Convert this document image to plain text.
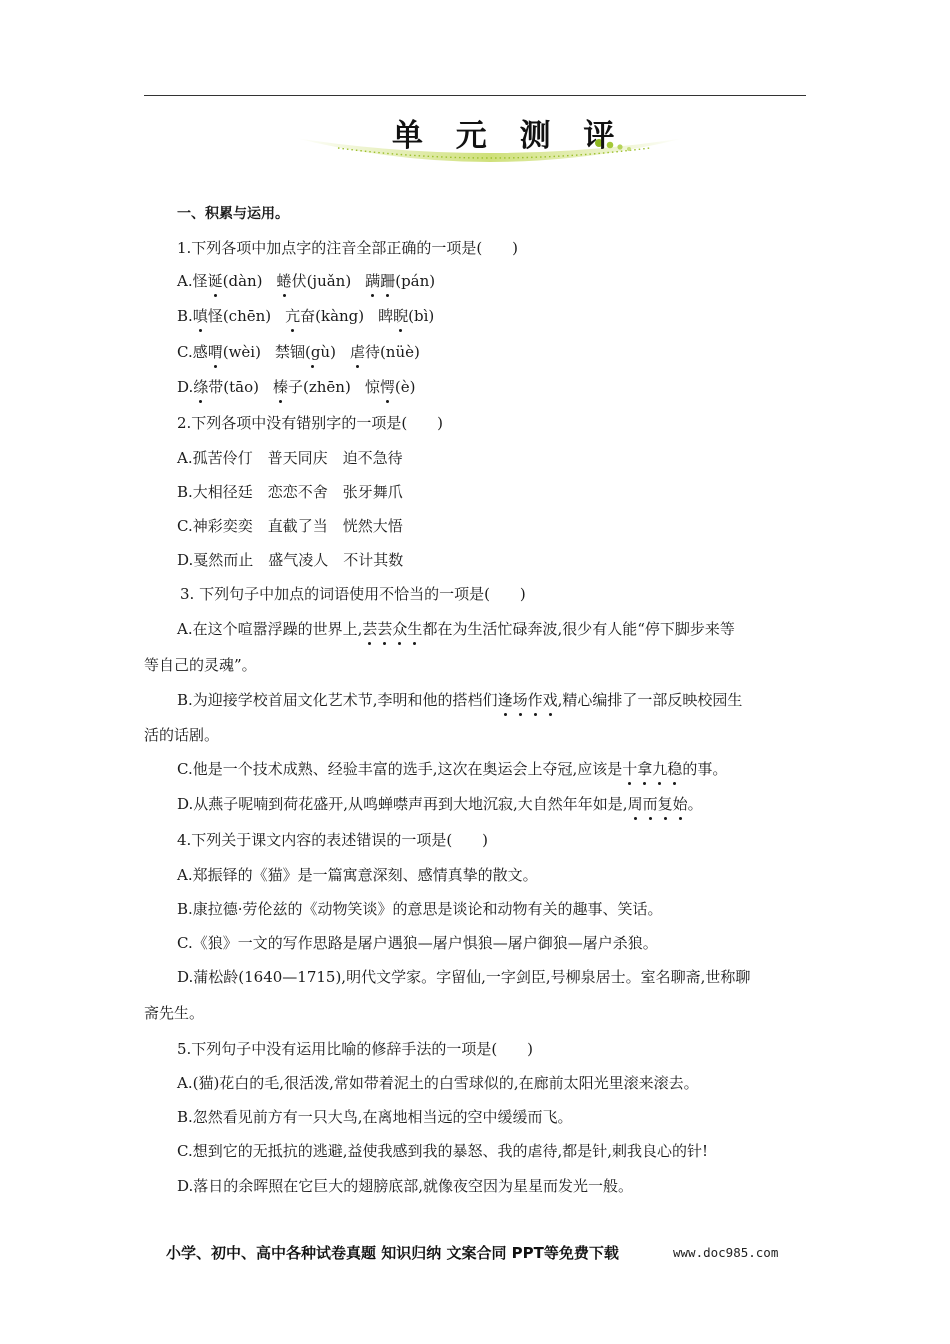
单 元 测 评
一、积累与运用。
1.下列各项中加点字的注音全部正确的一项是(　　)
A.怪诞(dàn) 蜷伏(juǎn) 蹒跚(pán)
B.嗔怪(chēn) 亢奋(kàng) 睥睨(bì)
C.感喟(wèi) 禁锢(gù) 虐待(nüè)
D.绦带(tāo) 榛子(zhēn) 惊愕(è)
2.下列各项中没有错别字的一项是(　　)
A.孤苦伶仃　普天同庆　迫不急待
B.大相径廷　恋恋不舍　张牙舞爪
C.神彩奕奕　直截了当　恍然大悟
D.戛然而止　盛气凌人　不计其数
3. 下列句子中加点的词语使用不恰当的一项是(　　)
A.在这个喧嚣浮躁的世界上,芸芸众生都在为生活忙碌奔波,很少有人能“停下脚步来等
等自己的灵魂”。
B.为迎接学校首届文化艺术节,李明和他的搭档们逢场作戏,精心编排了一部反映校园生
活的话剧。
C.他是一个技术成熟、经验丰富的选手,这次在奥运会上夺冠,应该是十拿九稳的事。
D.从燕子呢喃到荷花盛开,从鸣蝉噤声再到大地沉寂,大自然年年如是,周而复始。
4.下列关于课文内容的表述错误的一项是(　　)
A.郑振铎的《猫》是一篇寓意深刻、感情真挚的散文。
B.康拉德·劳伦兹的《动物笑谈》的意思是谈论和动物有关的趣事、笑话。
C.《狼》一文的写作思路是屠户遇狼—屠户惧狼—屠户御狼—屠户杀狼。
D.蒲松龄(1640—1715),明代文学家。字留仙,一字剑臣,号柳泉居士。室名聊斋,世称聊
斋先生。
5.下列句子中没有运用比喻的修辞手法的一项是(　　)
A.(猫)花白的毛,很活泼,常如带着泥土的白雪球似的,在廊前太阳光里滚来滚去。
B.忽然看见前方有一只大鸟,在离地相当远的空中缓缓而飞。
C.想到它的无抵抗的逃避,益使我感到我的暴怒、我的虐待,都是针,刺我良心的针!
D.落日的余晖照在它巨大的翅膀底部,就像夜空因为星星而发光一般。
小学、初中、高中各种试卷真题 知识归纳 文案合同 PPT等免费下载	www.doc985.com
